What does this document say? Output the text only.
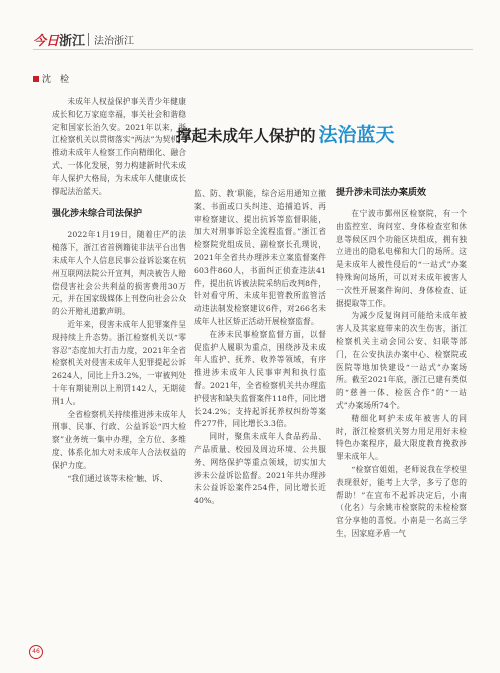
今日浙江 法治浙江
沈　检
撑起未成年人保护的 法治蓝天

未成年人权益保护事关青少年健康成长和亿万家庭幸福，事关社会和谐稳定和国家长治久安。2021年以来，浙江检察机关以贯彻落实“两法”为契机，推动未成年人检察工作向精细化、融合式、一体化发展，努力构建新时代未成年人保护大格局，为未成年人健康成长撑起法治蓝天。

强化涉未综合司法保护

2022年1月19日，随着庄严的法槌落下，浙江省首例籍徒非法平台出售未成年人个人信息民事公益诉讼案在杭州互联网法院公开宣判，判决被告人赔偿侵害社会公共利益的损害费用30万元，并在国家级媒体上刊登向社会公众的公开赔礼道歉声明。

近年来，侵害未成年人犯罪案件呈现持续上升态势。浙江检察机关以“零容忍”态度加大打击力度，2021年全省检察机关对侵害未成年人犯罪提起公诉2624人，同比上升3.2%，一审被判处十年有期徒刑以上刑罚142人，无期徒刑1人。

全省检察机关持续推进涉未成年人刑事、民事、行政、公益诉讼“四大检察”业务统一集中办理，全方位、多维度、体系化加大对未成年人合法权益的保护力度。

“我们通过该等未检‘触、诉、

监、防、教’职能，综合运用通知立撤案、书面或口头纠违、追捕追诉、再审检察建议、提出抗诉等监督职能，加大对刑事诉讼全流程监督。”浙江省检察院党组成员、副检察长孔璞说，2021年全省共办理涉未立案监督案件603件860人，书面纠正侦查违法41件，提出抗诉被法院采纳后改判8件，针对看守所、未成年犯管教所监管活动违法制发检察建议6件，对266名未成年人社区矫正活动开展检察监督。

在涉未民事检察监督方面，以督促监护人履职为重点，围绕涉及未成年人监护、抚养、收养等领域，有序推进涉未成年人民事审判和执行监督。2021年，全省检察机关共办理监护侵害和缺失监督案件118件，同比增长24.2%；支持起诉抚养权纠纷等案件277件，同比增长3.3倍。

同时，聚焦未成年人食品药品、产品质量、校园及周边环境、公共服务、网络保护等重点领域，切实加大涉未公益诉讼监督。2021年共办理涉未公益诉讼案件254件，同比增长近40%。

提升涉未司法办案质效

在宁波市鄞州区检察院，有一个由监控室、询问室、身体检查室和休息等候区四个功能区块组成，拥有独立进出的隐私电梯和大门的场所。这是未成年人被性侵后的“一站式”办案特殊询问场所，可以对未成年被害人一次性开展案件询问、身体检查、证据提取等工作。

为减少反复询问可能给未成年被害人及其家庭带来的次生伤害，浙江检察机关主动会同公安、妇联等部门，在公安执法办案中心、检察院或医院等地加快建设“一站式”办案场所。截至2021年底，浙江已建有类似的“慈善一体、检医合作”的“一站式”办案场所74个。

精细化呵护未成年被害人的同时，浙江检察机关努力用足用好未检特色办案程序，最大限度教育挽救涉罪未成年人。

“检察官姐姐，老师说我在学校里表现很好，能考上大学，多亏了您的帮助！”在宜布不起诉决定后，小南（化名）与余姚市检察院的未检检察官分享他的喜悦。小南是一名高三学生，因家庭矛盾一气

46
